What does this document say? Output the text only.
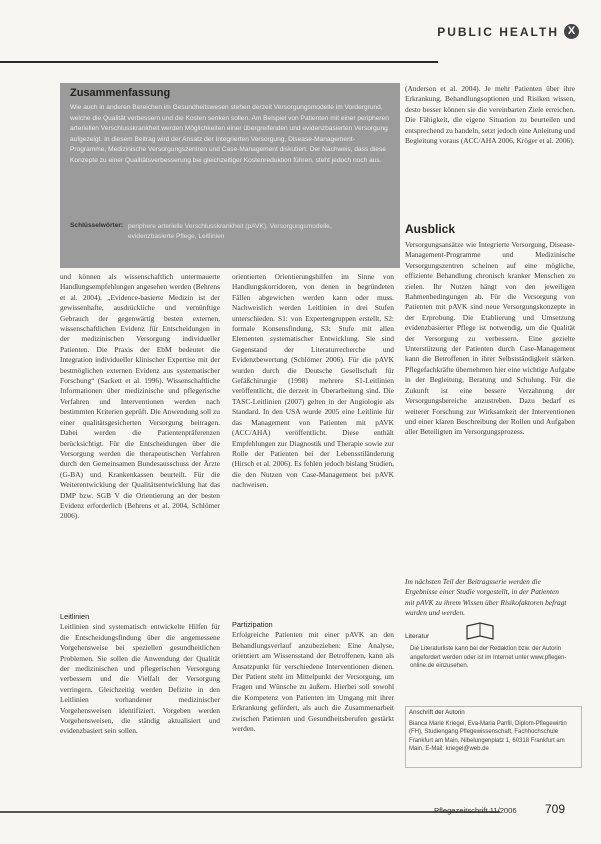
PUBLIC HEALTH X
Zusammenfassung
Wie auch in anderen Bereichen im Gesundheitswesen stehen derzeit Versorgungsmodelle im Vordergrund, welche die Qualität verbessern und die Kosten senken sollen. Am Beispiel von Patienten mit einer peripheren arteriellen Verschlusskrankheit werden Möglichkeiten einer übergreifenden und evidenzbasierten Versorgung aufgezeigt. In diesem Beitrag wird der Ansatz der Integrierten Versorgung, Disease-Management-Programme, Medizinische Versorgungszentren und Case-Management diskutiert. Der Nachweis, dass diese Konzepte zu einer Qualitätsverbesserung bei gleichzeitiger Kostenreduktion führen, steht jedoch noch aus.
Schlüsselwörter: periphere arterielle Verschlusskrankheit (pAVK), Versorgungsmodelle, evidenzbasierte Pflege, Leitlinien

und können als wissenschaftlich untermauerte Handlungsempfehlungen angesehen werden (Behrens et al. 2004). „Evidence-basierte Medizin ist der gewissenhafte, ausdrückliche und vernünftige Gebrauch der gegenwärtig besten externen, wissenschaftlichen Evidenz für Entscheidungen in der medizinischen Versorgung individueller Patienten. Die Praxis der EbM bedeutet die Integration individueller klinischer Expertise mit der bestmöglichen externen Evidenz aus systematischer Forschung“ (Sackett et al. 1996). Wissenschaftliche Informationen über medizinische und pflegerische Verfahren und Interventionen werden nach bestimmten Kriterien geprüft. Die Anwendung soll zu einer qualitätsgesicherten Versorgung beitragen. Dabei werden die Patientenpräferenzen berücksichtigt. Für die Entscheidungen über die Versorgung werden die therapeutischen Verfahren durch den Gemeinsamen Bundesausschuss der Ärzte (G-BA) und Krankenkassen beurteilt. Für die Weiterentwicklung der Qualitätsentwicklung hat das DMP bzw. SGB V die Orientierung an der besten Evidenz erforderlich (Behrens et al. 2004, Schlömer 2006).

Leitlinien

Leitlinien sind systematisch entwickelte Hilfen für die Entscheidungsfindung über die angemessene Vorgehensweise bei speziellen gesundheitlichen Problemen. Sie sollen die Anwendung der Qualität der medizinischen und pflegerischen Versorgung verbessern und die Vielfalt der Versorgung verringern. Gleichzeitig werden Defizite in den Leitlinien vorhandener medizinischer Vorgehensweisen identifiziert. Vorgeben werden Vorgehensweisen, die ständig aktualisiert und evidenzbasiert sein sollen.

orientierten Orientierungshilfen im Sinne von Handlungskorridoren, von denen in begründeten Fällen abgewichen werden kann oder muss. Nachweislich werden Leitlinien in drei Stufen unterschieden. S1: von Expertengruppen erstellt, S2: formale Konsensfindung, S3: Stufe mit allen Elementen systematischer Entwicklung. Sie sind Gegenstand der Literaturrecherche und Evidenzbewertung (Schlömer 2006). Für die pAVK wurden durch die Deutsche Gesellschaft für Gefäßchirurgie (1998) mehrere S1-Leitlinien veröffentlicht, die derzeit in Überarbeitung sind. Die TASC-Leitlinien (2007) gelten in der Angiologie als Standard. In den USA wurde 2005 eine Leitlinie für das Management von Patienten mit pAVK (ACC/AHA) veröffentlicht. Diese enthält Empfehlungen zur Diagnostik und Therapie sowie zur Rolle der Patienten bei der Lebensstiländerung (Hirsch et al. 2006). Es fehlen jedoch bislang Studien, die den Nutzen von Case-Management bei pAVK nachweisen.

Partizipation

Erfolgreiche Patienten mit einer pAVK an den Behandlungsverlauf anzubeziehen: Eine Analyse, orientiert am Wissensstand der Betroffenen, kann als Ansatzpunkt für verschiedene Interventionen dienen. Der Patient steht im Mittelpunkt der Versorgung, um Fragen und Wünsche zu äußern. Hierbei soll sowohl die Kompetenz von Patienten im Umgang mit ihrer Erkrankung gefördert, als auch die Zusammenarbeit zwischen Patienten und Gesundheitsberufen gestärkt werden.

(Anderson et al. 2004). Je mehr Patienten über ihre Erkrankung, Behandlungsoptionen und Risiken wissen, desto besser können sie die vereinbarten Ziele erreichen. Die Fähigkeit, die eigene Situation zu beurteilen und entsprechend zu handeln, setzt jedoch eine Anleitung und Begleitung voraus (ACC/AHA 2006, Kröger et al. 2006).

Ausblick

Versorgungsansätze wie Integrierte Versorgung, Disease-Management-Programme und Medizinische Versorgungszentren scheinen auf eine mögliche, effiziente Behandlung chronisch kranker Menschen zu zielen. Ihr Nutzen hängt von den jeweiligen Rahmenbedingungen ab. Für die Versorgung von Patienten mit pAVK sind neue Versorgungskonzepte in der Erprobung. Die Etablierung und Umsetzung evidenzbasierter Pflege ist notwendig, um die Qualität der Versorgung zu verbessern. Eine gezielte Unterstützung der Patienten durch Case-Management kann die Betroffenen in ihrer Selbstständigkeit stärken. Pflegefachkräfte übernehmen hier eine wichtige Aufgabe in der Begleitung, Beratung und Schulung. Für die Zukunft ist eine bessere Verzahnung der Versorgungsbereiche anzustreben. Dazu bedarf es weiterer Forschung zur Wirksamkeit der Interventionen und einer klaren Beschreibung der Rollen und Aufgaben aller Beteiligten im Versorgungsprozess.

Im nächsten Teil der Beitragsserie werden die Ergebnisse einer Studie vorgestellt, in der Patienten mit pAVK zu ihrem Wissen über Risikofaktoren befragt wurden und werden.
Literatur
Die Literaturliste kann bei der Redaktion bzw. der Autorin angefordert werden oder ist im Internet unter www.pflegen-online.de einzusehen.
Anschrift der Autorin
Bianca Marie Kriegel, Eva-Maria Panfil, Diplom-Pflegewirtin (FH), Studiengang Pflegewissenschaft, Fachhochschule Frankfurt am Main, Nibelungenplatz 1, 60318 Frankfurt am Main, E-Mail: kriegel@web.de
Pflegezeitschrift 11/2006 709
